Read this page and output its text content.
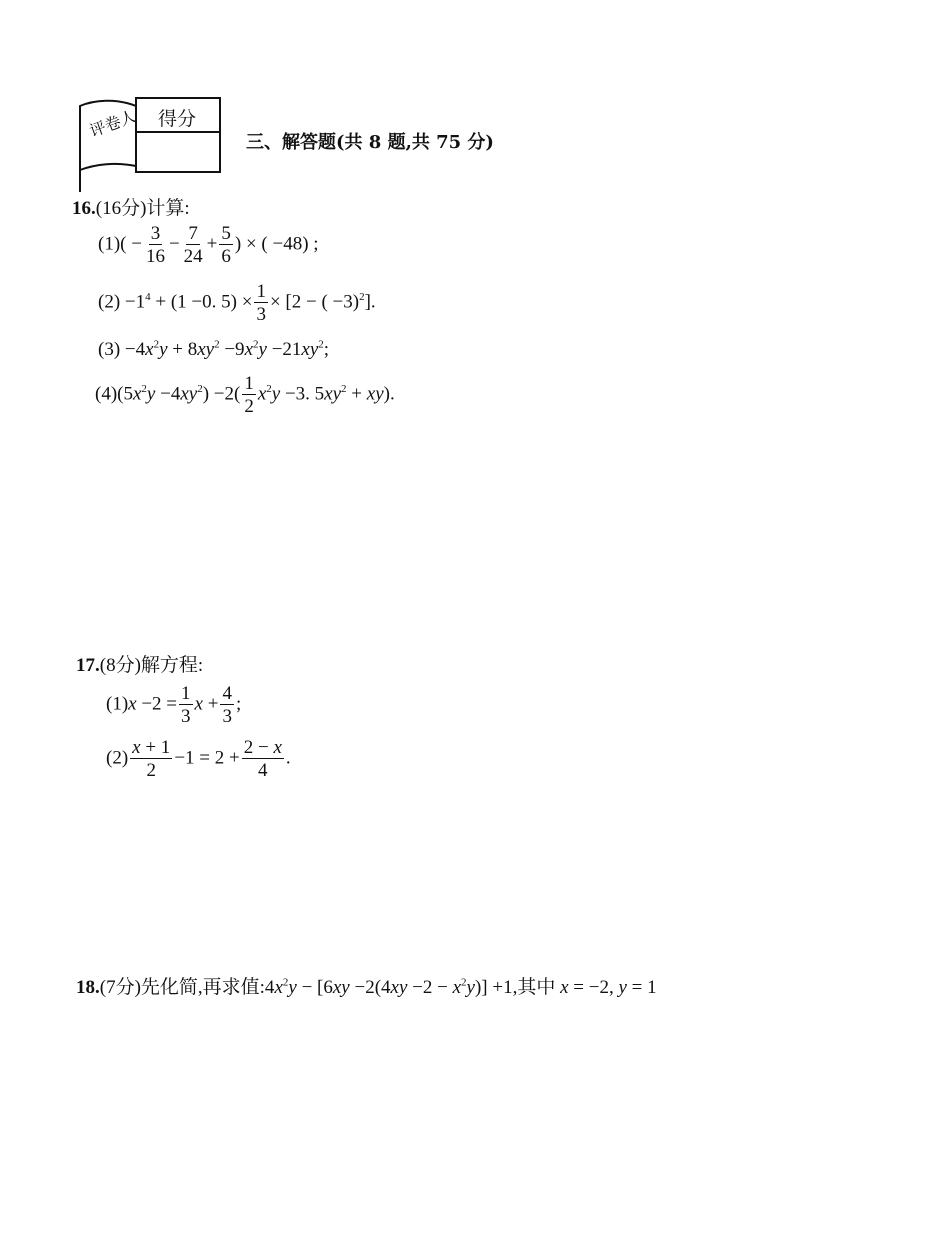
评卷人 得分
三、解答题(共 8 题,共 75 分)
16.(16分)计算:
$(1)( - \frac{3}{16} - \frac{7}{24} + \frac{5}{6}$ ) × ( −48) ;
$(2) -1^4 + (1 -0$. $5) \times \frac{1}{3} \times [2$ − ( −3)$^2$].
$(3) -4x^2y + 8xy^2 -9x^2y -21xy^2$;
$(4)(5x^2y -4xy^2) -2( \frac{1}{2} x^2y -3$. $5xy^2 + xy$).
17.(8分)解方程:
$(1)x -2 = \frac{1}{3}$ $x + \frac{4}{3}$ ;
$(2) \frac{x + 1}{2} -1 = 2 + \frac{2 - x}{4}$ .
18.(7分)先化简,再求值$:4x^2y - [6xy -2(4xy -2 - x^2y)] +1$,其中 x = −2, y = 1
